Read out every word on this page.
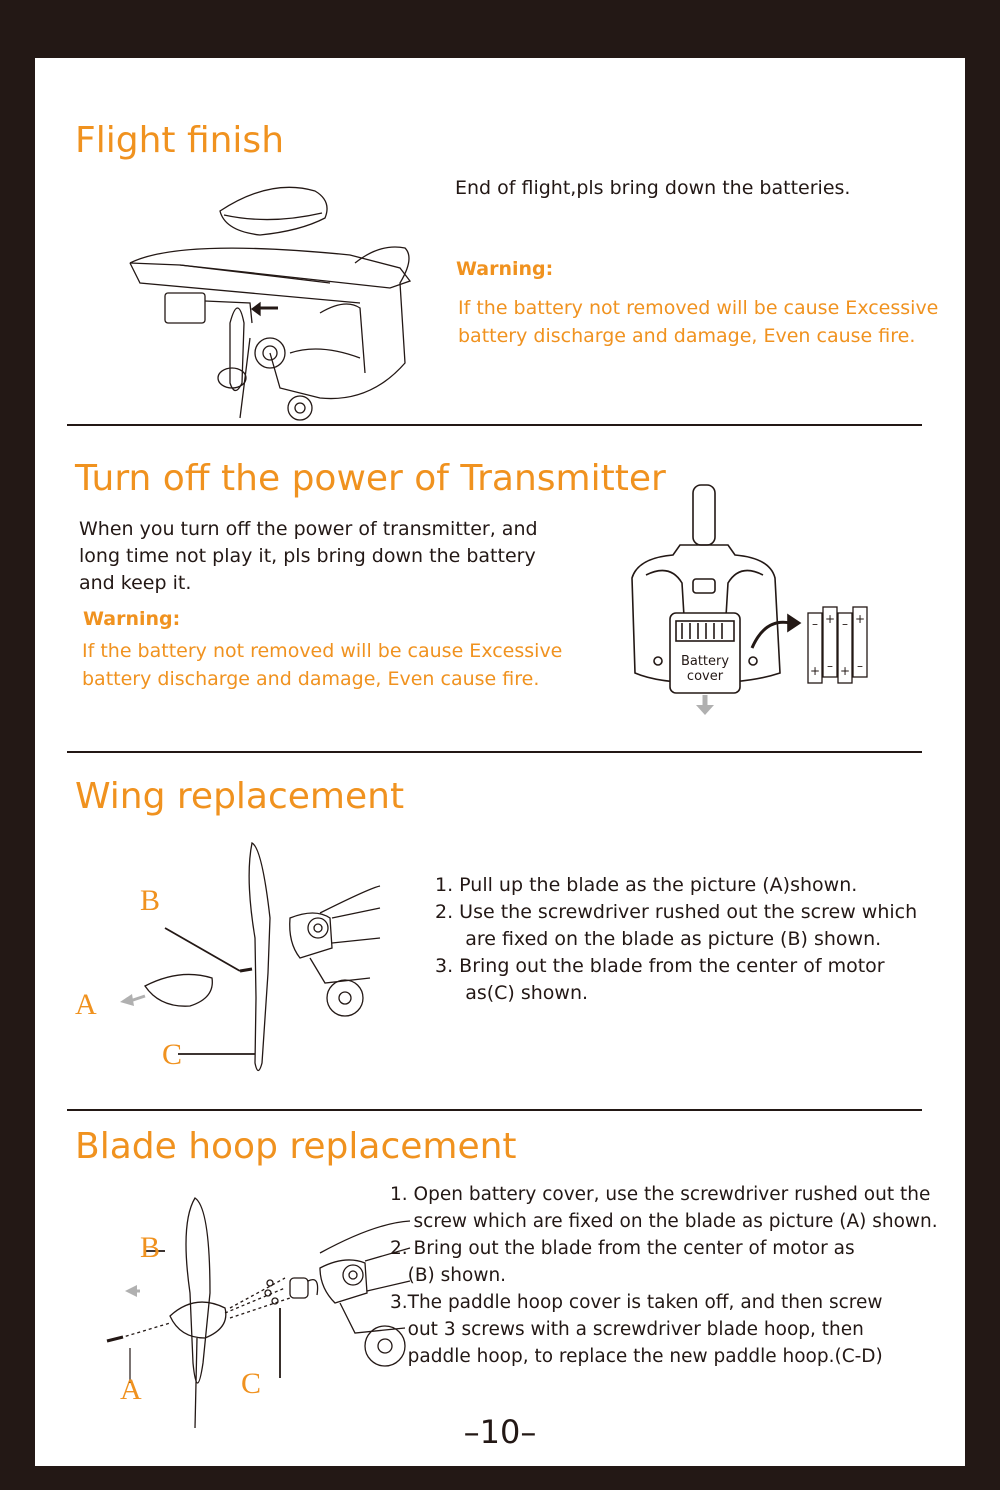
Flight finish
End of flight,pls bring down the batteries.
Warning:
If the battery not removed will be cause Excessive
battery discharge and damage, Even cause fire.
Turn off the power of Transmitter
When you turn off the power of transmitter, and
long time not play it, pls bring down the battery
and keep it.
Warning:
If the battery not removed will be cause Excessive
battery discharge and damage, Even cause fire.
–
+
+
–
–
+
+
–
Battery
cover
Wing replacement
B
A
C
1. Pull up the blade as the picture (A)shown.
2. Use the screwdriver rushed out the screw which
are fixed on the blade as picture (B) shown.
3. Bring out the blade from the center of motor
as(C) shown.
Blade hoop replacement
B
A	C
1. Open battery cover, use the screwdriver rushed out the
screw which are fixed on the blade as picture (A) shown.
2. Bring out the blade from the center of motor as
(B) shown.
3.The paddle hoop cover is taken off, and then screw
out 3 screws with a screwdriver blade hoop, then
paddle hoop, to replace the new paddle hoop.(C-D)
–10–
